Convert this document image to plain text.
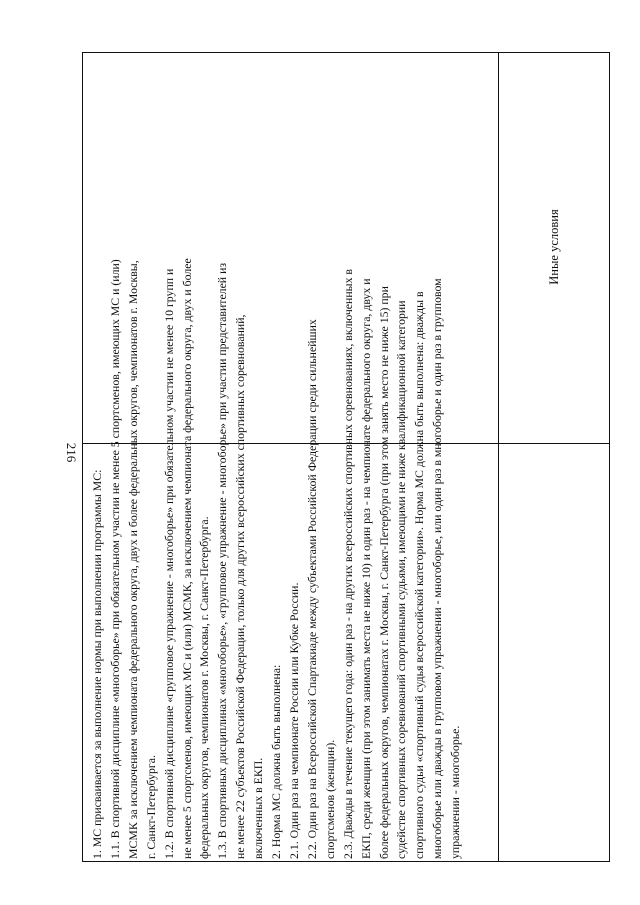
216
Иные условия
1. МС присваивается за выполнение нормы при выполнении программы МС: 1.1. В спортивной дисциплине «многоборье» при обязательном участии не менее 5 спортсменов, имеющих МС и (или) МСМК за исключением чемпионата федерального округа, двух и более федеральных округов, чемпионатов г. Москвы, г. Санкт-Петербурга. 1.2. В спортивной дисциплине «групповое упражнение - многоборье» при обязательном участии не менее 10 групп и не менее 5 спортсменов, имеющих МС и (или) МСМК, за исключением чемпионата федерального округа, двух и более федеральных округов, чемпионатов г. Москвы, г. Санкт-Петербурга. 1.3. В спортивных дисциплинах «многоборье», «групповое упражнение - многоборье» при участии представителей из не менее 22 субъектов Российской Федерации, только для других всероссийских спортивных соревнований, включенных в ЕКП. 2. Норма МС должна быть выполнена: 2.1. Один раз на чемпионате России или Кубке России. 2.2. Один раз на Всероссийской Спартакиаде между субъектами Российской Федерации среди сильнейших спортсменов (женщин). 2.3. Дважды в течение текущего года: один раз - на других всероссийских спортивных соревнованиях, включенных в ЕКП, среди женщин (при этом занимать места не ниже 10) и один раз - на чемпионате федерального округа, двух и более федеральных округов, чемпионатах г. Москвы, г. Санкт-Петербурга (при этом занять место не ниже 15) при судействе спортивных соревнований спортивными судьями, имеющими не ниже квалификационной категории спортивного судьи «спортивный судья всероссийской категории». Норма МС должна быть выполнена: дважды в многоборье или дважды в групповом упражнении - многоборье, или один раз в многоборье и один раз в групповом упражнении - многоборье.
